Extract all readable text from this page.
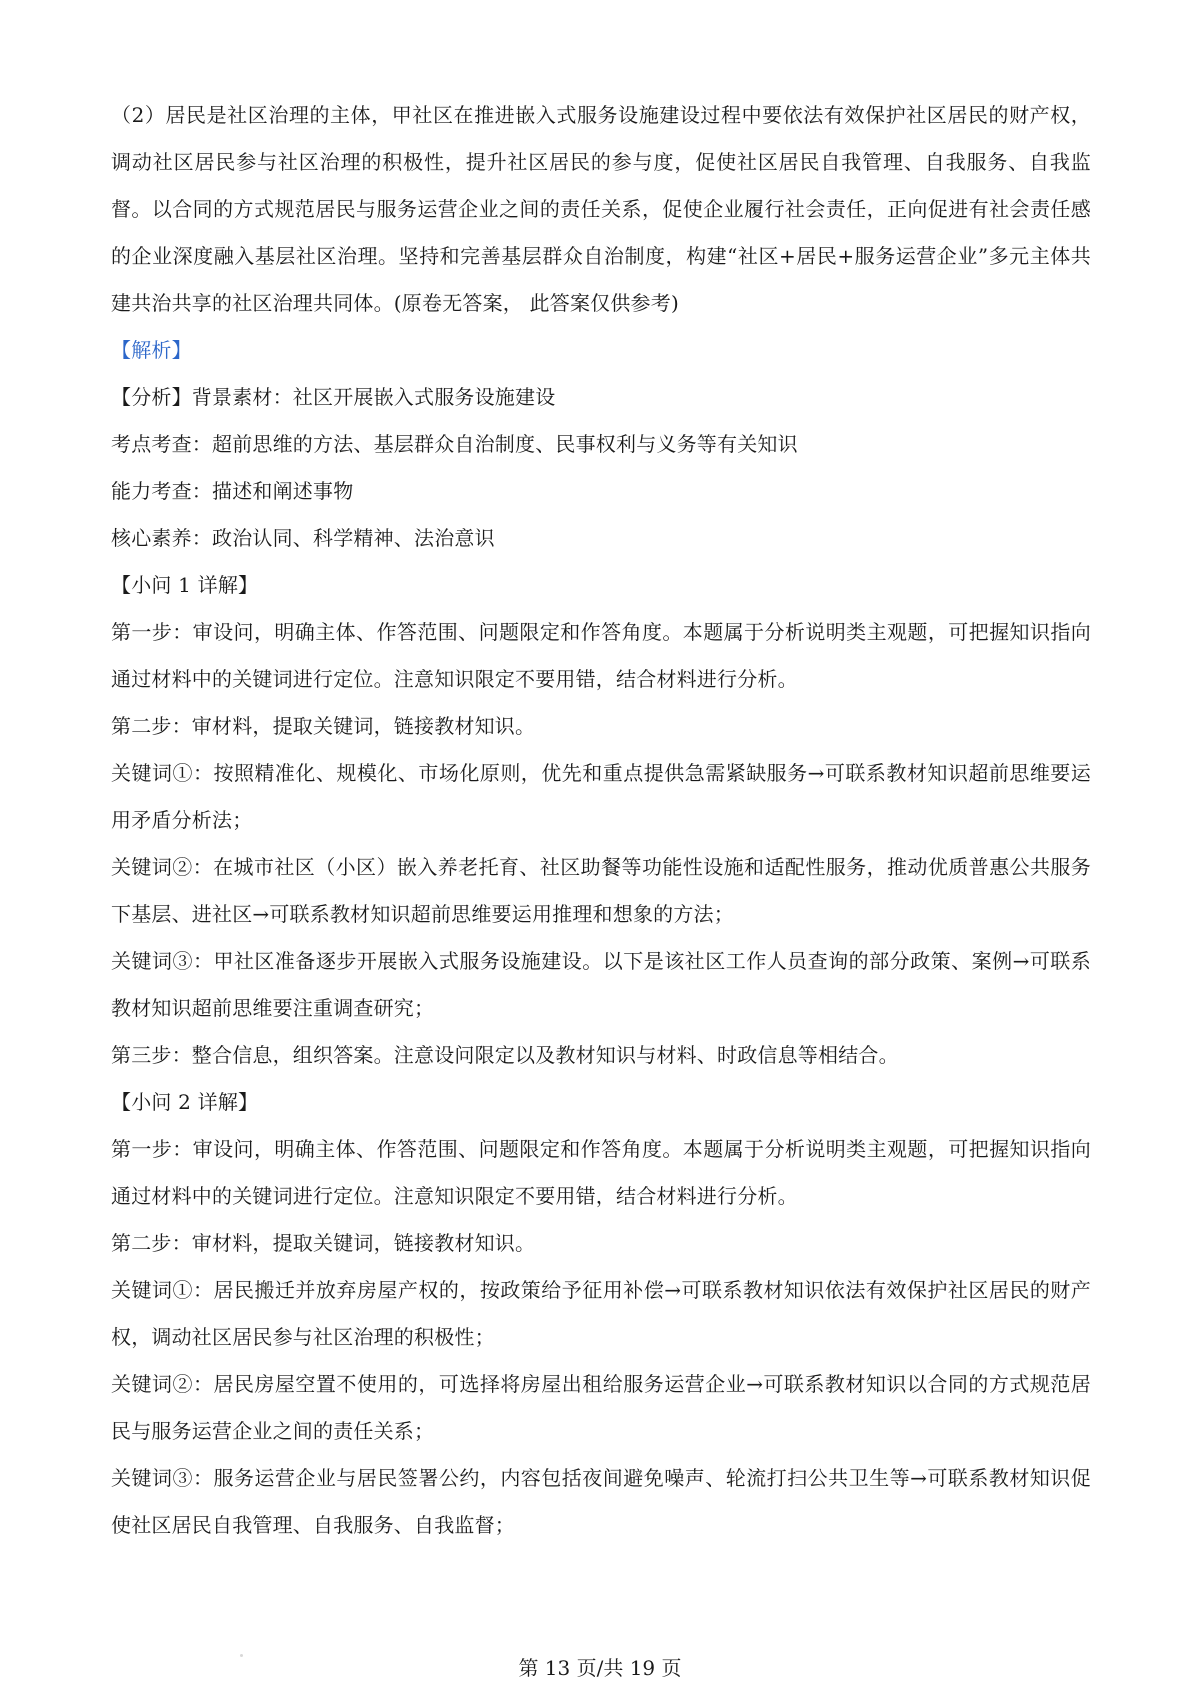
（2）居民是社区治理的主体，甲社区在推进嵌入式服务设施建设过程中要依法有效保护社区居民的财产权，调动社区居民参与社区治理的积极性，提升社区居民的参与度，促使社区居民自我管理、自我服务、自我监督。以合同的方式规范居民与服务运营企业之间的责任关系，促使企业履行社会责任，正向促进有社会责任感的企业深度融入基层社区治理。坚持和完善基层群众自治制度，构建“社区+居民+服务运营企业”多元主体共建共治共享的社区治理共同体。(原卷无答案， 此答案仅供参考)

【解析】

【分析】背景素材：社区开展嵌入式服务设施建设

考点考查：超前思维的方法、基层群众自治制度、民事权利与义务等有关知识

能力考查：描述和阐述事物

核心素养：政治认同、科学精神、法治意识

【小问 1 详解】

第一步：审设问，明确主体、作答范围、问题限定和作答角度。本题属于分析说明类主观题，可把握知识指向通过材料中的关键词进行定位。注意知识限定不要用错，结合材料进行分析。

第二步：审材料，提取关键词，链接教材知识。

关键词①：按照精准化、规模化、市场化原则，优先和重点提供急需紧缺服务→可联系教材知识超前思维要运用矛盾分析法；

关键词②：在城市社区（小区）嵌入养老托育、社区助餐等功能性设施和适配性服务，推动优质普惠公共服务下基层、进社区→可联系教材知识超前思维要运用推理和想象的方法；

关键词③：甲社区准备逐步开展嵌入式服务设施建设。以下是该社区工作人员查询的部分政策、案例→可联系教材知识超前思维要注重调查研究；

第三步：整合信息，组织答案。注意设问限定以及教材知识与材料、时政信息等相结合。

【小问 2 详解】

第一步：审设问，明确主体、作答范围、问题限定和作答角度。本题属于分析说明类主观题，可把握知识指向通过材料中的关键词进行定位。注意知识限定不要用错，结合材料进行分析。

第二步：审材料，提取关键词，链接教材知识。

关键词①：居民搬迁并放弃房屋产权的，按政策给予征用补偿→可联系教材知识依法有效保护社区居民的财产权，调动社区居民参与社区治理的积极性；

关键词②：居民房屋空置不使用的，可选择将房屋出租给服务运营企业→可联系教材知识以合同的方式规范居民与服务运营企业之间的责任关系；

关键词③：服务运营企业与居民签署公约，内容包括夜间避免噪声、轮流打扫公共卫生等→可联系教材知识促使社区居民自我管理、自我服务、自我监督；

第 13 页/共 19 页
